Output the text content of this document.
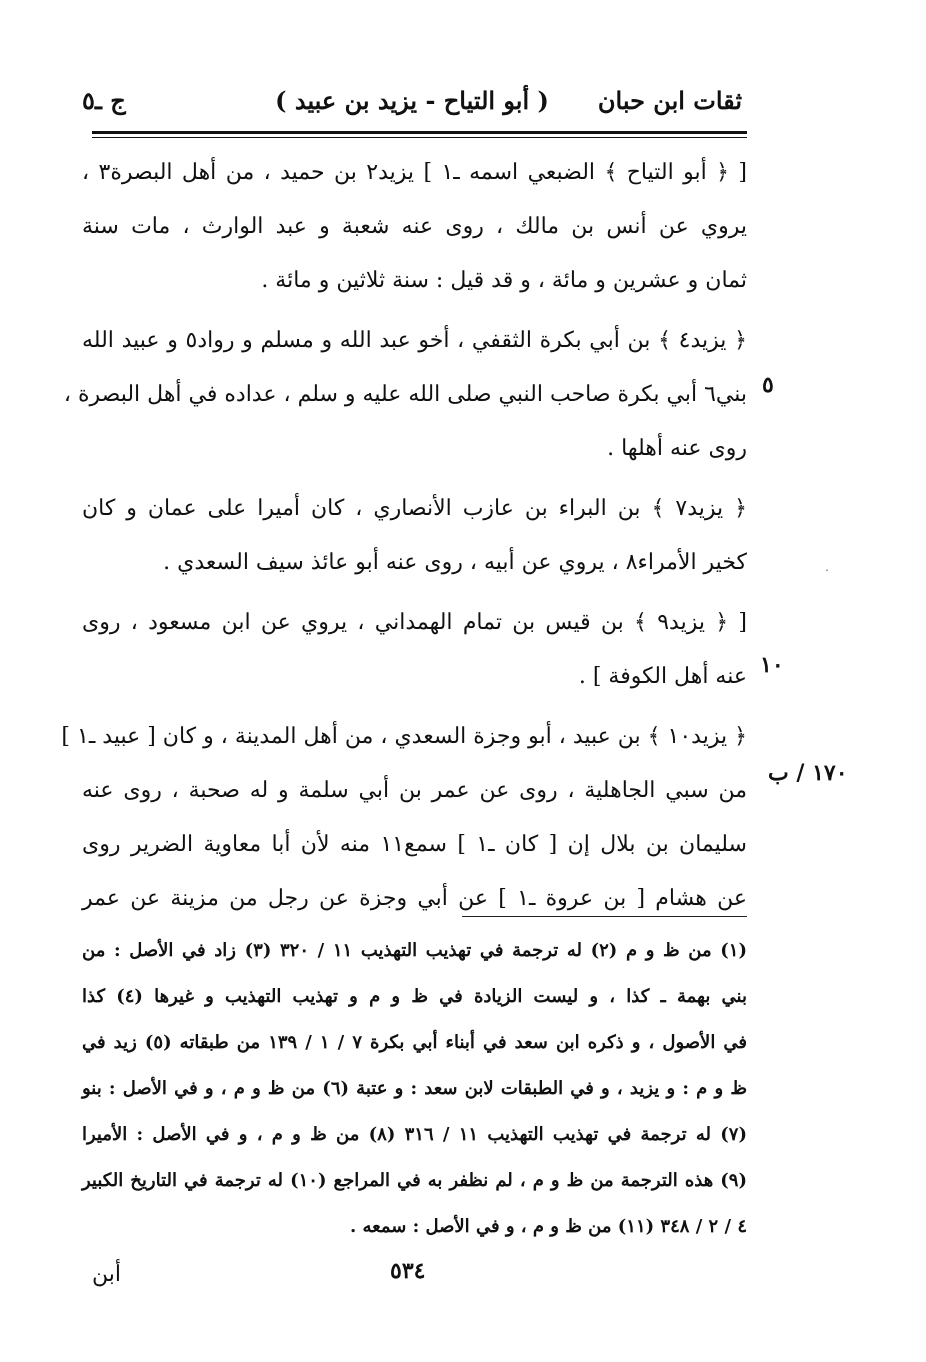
ثقات ابن حبان
( أبو التياح - يزيد بن عبيد )
ج ـ٥
[ ﴿ أبو التياح ﴾ الضبعي اسمه ـ١ ] يزيد٢ بن حميد ، من أهل البصرة٣ ،
يروي عن أنس بن مالك ، روى عنه شعبة و عبد الوارث ، مات سنة
ثمان و عشرين و مائة ، و قد قيل : سنة ثلاثين و مائة .
﴿ يزيد٤ ﴾ بن أبي بكرة الثقفي ، أخو عبد الله و مسلم و رواد٥ و عبيد الله
بني٦ أبي بكرة صاحب النبي صلى الله عليه و سلم ، عداده في أهل البصرة ،
روى عنه أهلها .
﴿ يزيد٧ ﴾ بن البراء بن عازب الأنصاري ، كان أميرا على عمان و كان
كخير الأمراء٨ ، يروي عن أبيه ، روى عنه أبو عائذ سيف السعدي .
[ ﴿ يزيد٩ ﴾ بن قيس بن تمام الهمداني ، يروي عن ابن مسعود ، روى
عنه أهل الكوفة ] .
﴿ يزيد١٠ ﴾ بن عبيد ، أبو وجزة السعدي ، من أهل المدينة ، و كان [ عبيد ـ١ ]
من سبي الجاهلية ، روى عن عمر بن أبي سلمة و له صحبة ، روى عنه
سليمان بن بلال إن [ كان ـ١ ] سمع١١ منه لأن أبا معاوية الضرير روى
عن هشام [ بن عروة ـ١ ] عن أبي وجزة عن رجل من مزينة عن عمر
٥
١٠
١٧٠ / ب
﹒
(١) من ظ و م (٢) له ترجمة في تهذيب التهذيب ١١ / ٣٢٠ (٣) زاد في الأصل : من
بني بهمة ـ كذا ، و ليست الزيادة في ظ و م و تهذيب التهذيب و غيرها (٤) كذا
في الأصول ، و ذكره ابن سعد في أبناء أبي بكرة ٧ / ١ / ١٣٩ من طبقاته (٥) زيد في
ظ و م : و يزيد ، و في الطبقات لابن سعد : و عتبة (٦) من ظ و م ، و في الأصل : بنو
(٧) له ترجمة في تهذيب التهذيب ١١ / ٣١٦ (٨) من ظ و م ، و في الأصل : الأميرا
(٩) هذه الترجمة من ظ و م ، لم نظفر به في المراجع (١٠) له ترجمة في التاريخ الكبير
٤ / ٢ / ٣٤٨ (١١) من ظ و م ، و في الأصل : سمعه .
٥٣٤
أبن
